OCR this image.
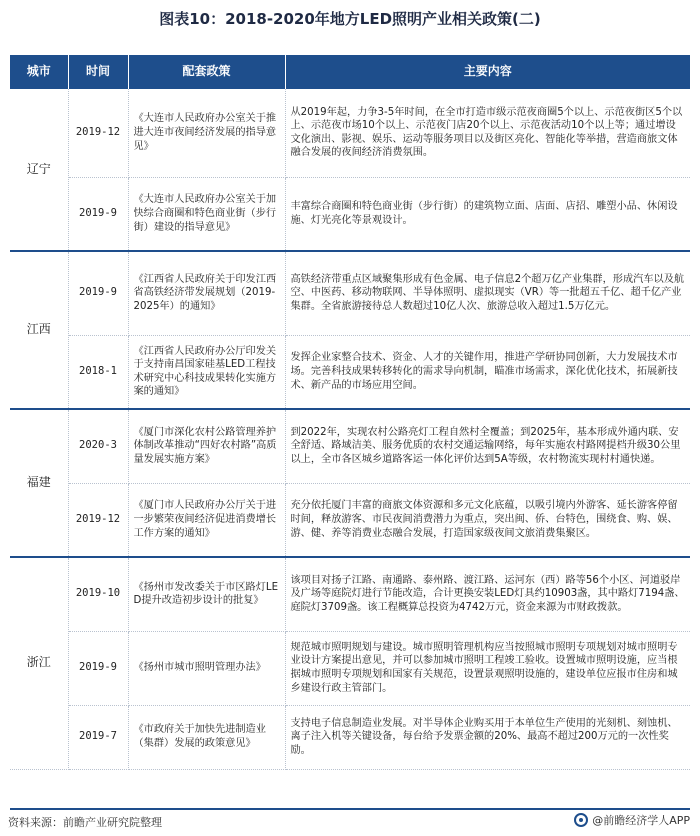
图表10：2018-2020年地方LED照明产业相关政策(二)
城市	时间	配套政策	主要内容
辽宁	2019-12	《大连市人民政府办公室关于推进大连市夜间经济发展的指导意见》	从2019年起，力争3-5年时间，在全市打造市级示范夜商圈5个以上、示范夜街区5个以上、示范夜市场10个以上、示范夜门店20个以上、示范夜活动10个以上等；通过增设文化演出、影视、娱乐、运动等服务项目以及街区亮化、智能化等举措，营造商旅文体融合发展的夜间经济消费氛围。
	2019-9	《大连市人民政府办公室关于加快综合商圈和特色商业街（步行街）建设的指导意见》	丰富综合商圈和特色商业街（步行街）的建筑物立面、店面、店招、雕塑小品、休闲设施、灯光亮化等景观设计。
江西	2019-9	《江西省人民政府关于印发江西省高铁经济带发展规划（2019-2025年）的通知》	高铁经济带重点区域聚集形成有色金属、电子信息2个超万亿产业集群，形成汽车以及航空、中医药、移动物联网、半导体照明、虚拟现实（VR）等一批超五千亿、超千亿产业集群。全省旅游接待总人数超过10亿人次、旅游总收入超过1.5万亿元。
	2018-1	《江西省人民政府办公厅印发关于支持南昌国家硅基LED工程技术研究中心科技成果转化实施方案的通知》	发挥企业家整合技术、资金、人才的关键作用，推进产学研协同创新，大力发展技术市场。完善科技成果转移转化的需求导向机制，瞄准市场需求，深化优化技术，拓展新技术、新产品的市场应用空间。
福建	2020-3	《厦门市深化农村公路管理养护体制改革推动“四好农村路”高质量发展实施方案》	到2022年，实现农村公路亮灯工程自然村全覆盖；到2025年，基本形成外通内联、安全舒适、路域洁美、服务优质的农村交通运输网络，每年实施农村路网提档升级30公里以上，全市各区城乡道路客运一体化评价达到5A等级，农村物流实现村村通快递。
	2019-12	《厦门市人民政府办公厅关于进一步繁荣夜间经济促进消费增长工作方案的通知》	充分依托厦门丰富的商旅文体资源和多元文化底蕴，以吸引境内外游客、延长游客停留时间，释放游客、市民夜间消费潜力为重点，突出闽、侨、台特色，围绕食、购、娱、游、健、养等消费业态融合发展，打造国家级夜间文旅消费集聚区。
浙江	2019-10	《扬州市发改委关于市区路灯LED提升改造初步设计的批复》	该项目对扬子江路、南通路、泰州路、渡江路、运河东（西）路等56个小区、河道驳岸及广场等庭院灯进行节能改造，合计更换安装LED灯具约10903盏，其中路灯7194盏、庭院灯3709盏。该工程概算总投资为4742万元，资金来源为市财政拨款。
	2019-9	《扬州市城市照明管理办法》	规范城市照明规划与建设。城市照明管理机构应当按照城市照明专项规划对城市照明专业设计方案提出意见，并可以参加城市照明工程竣工验收。设置城市照明设施，应当根据城市照明专项规划和国家有关规范，设置景观照明设施的，建设单位应报市住房和城乡建设行政主管部门。
	2019-7	《市政府关于加快先进制造业（集群）发展的政策意见》	支持电子信息制造业发展。对半导体企业购买用于本单位生产使用的光刻机、刻蚀机、离子注入机等关键设备，每台给予发票金额的20%、最高不超过200万元的一次性奖励。
资料来源：前瞻产业研究院整理	@前瞻经济学人APP
